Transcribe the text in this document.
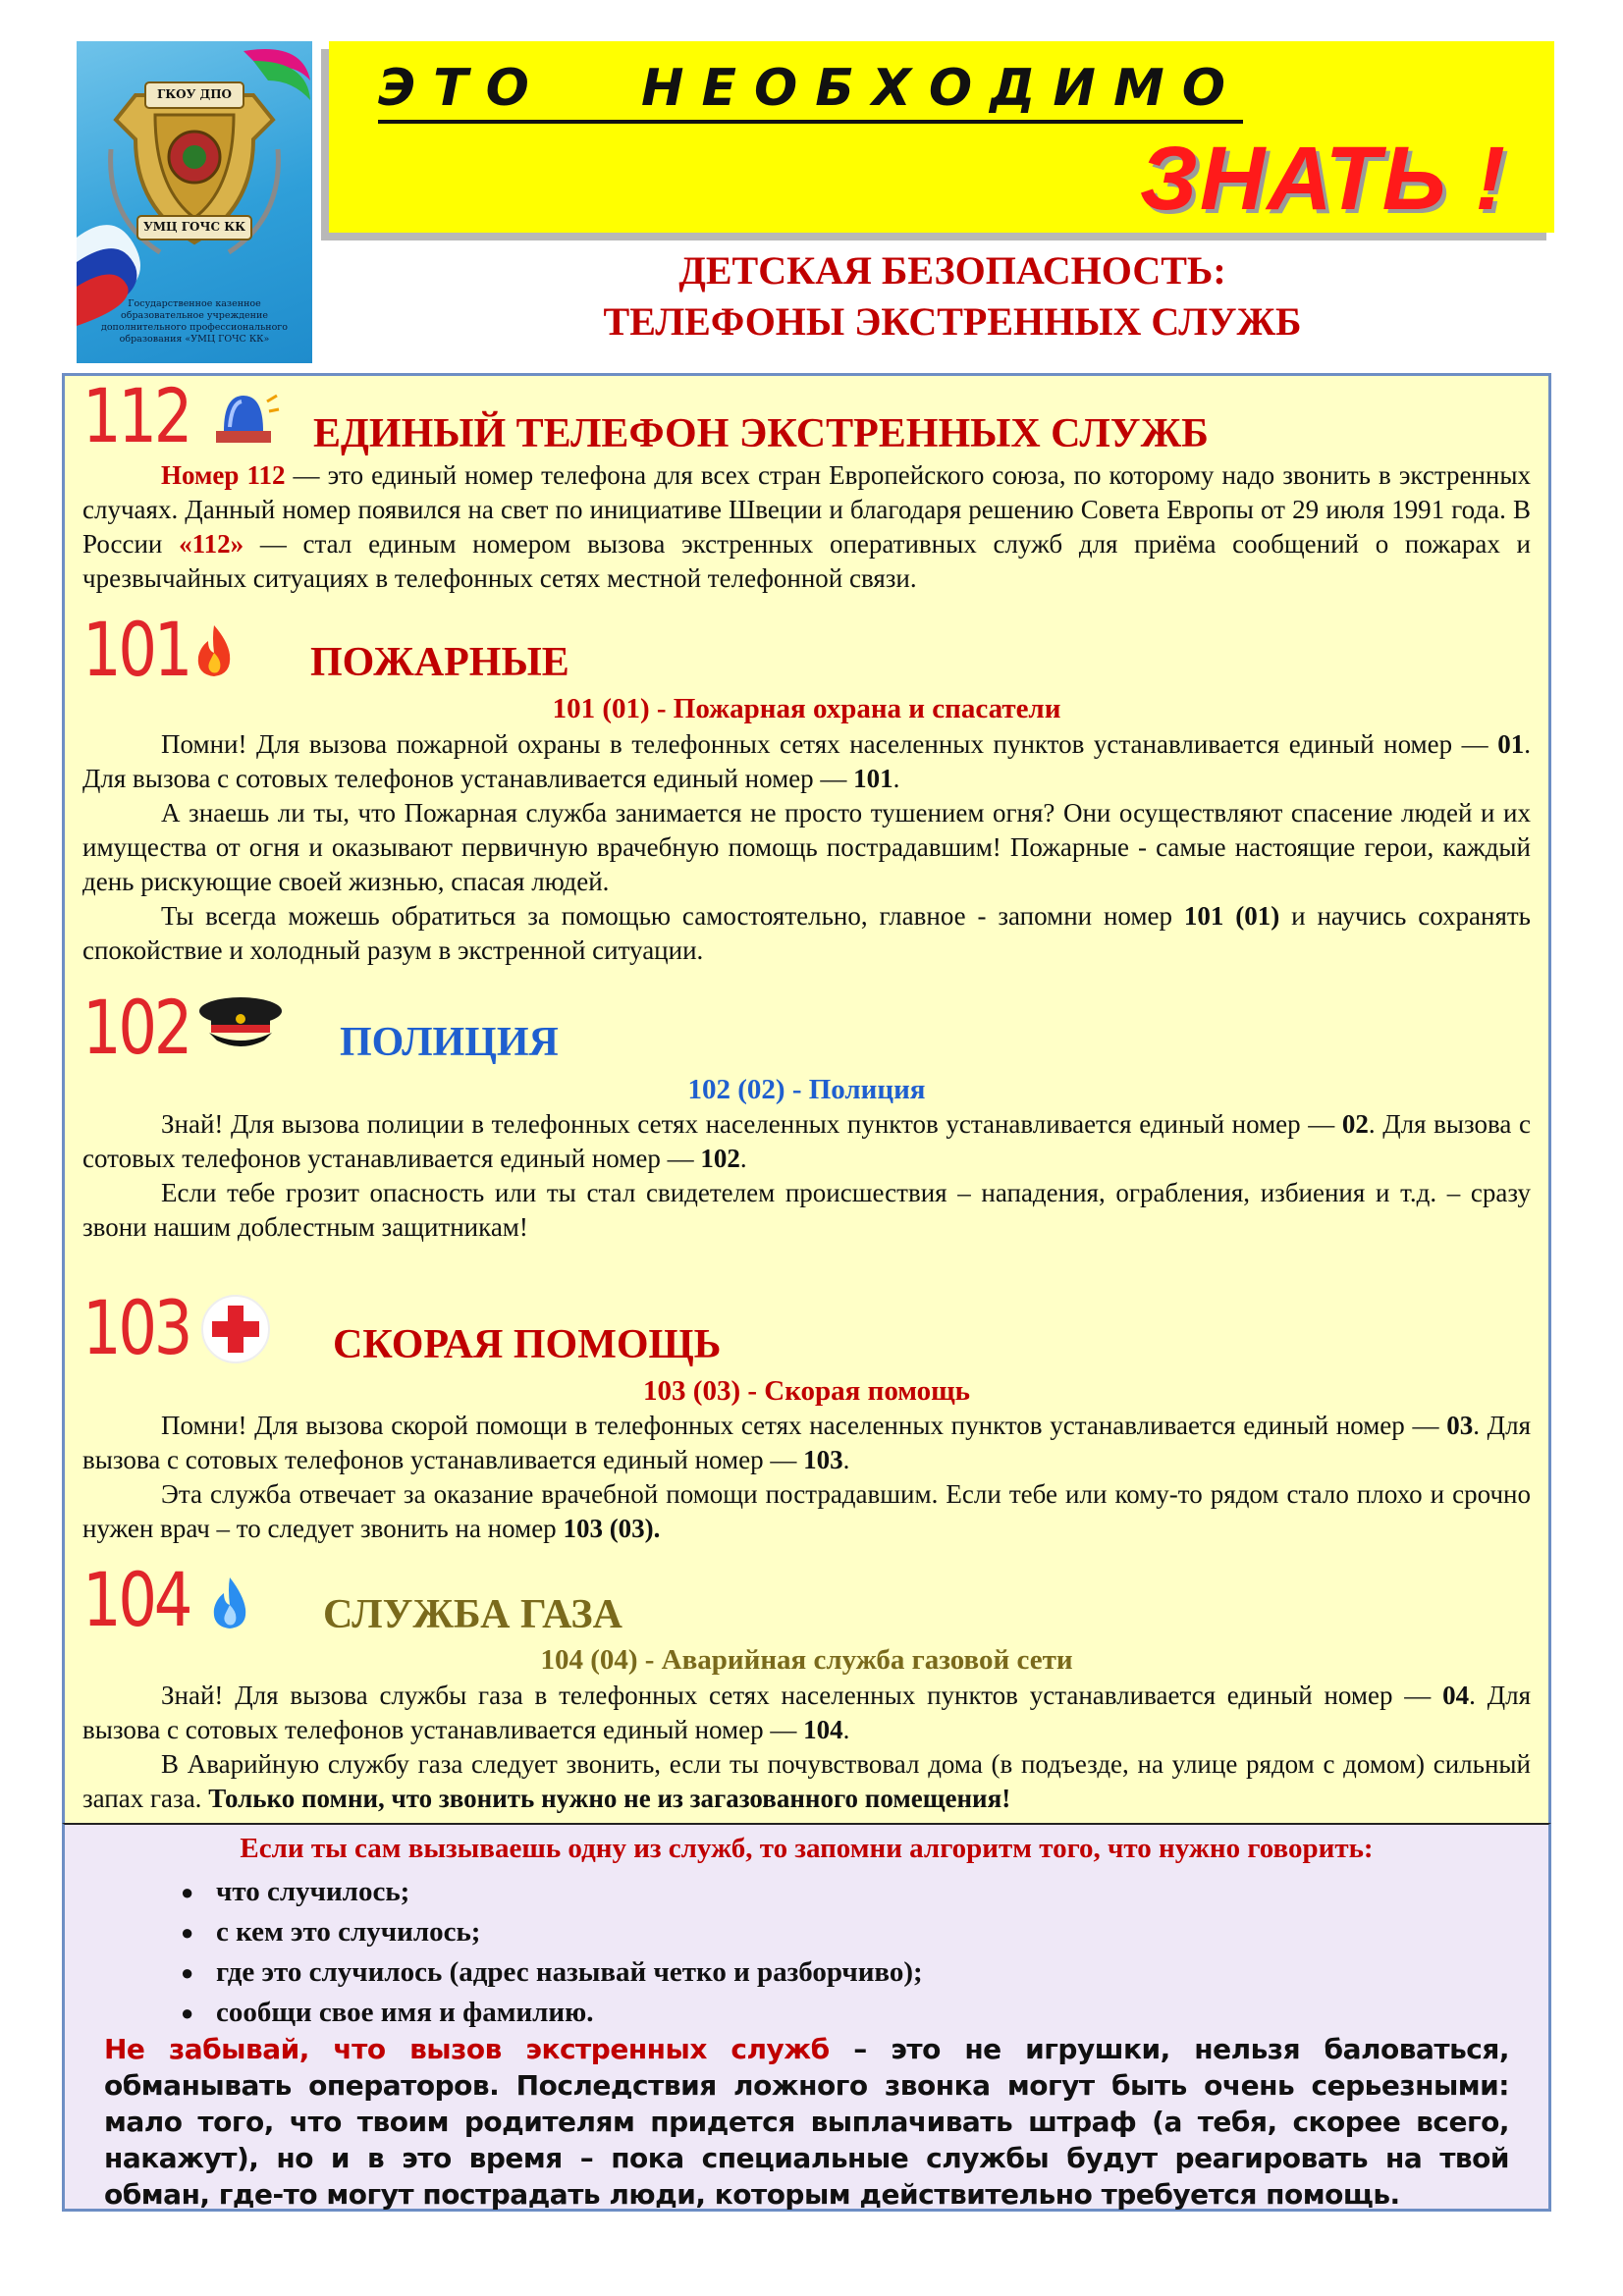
ГКОУ ДПО
УМЦ ГОЧС КК
Государственное казенное образовательное учреждение дополнительного профессионального образования «УМЦ ГОЧС КК»
ЭТО НЕОБХОДИМО
ЗНАТЬ !
ДЕТСКАЯ БЕЗОПАСНОСТЬ:
ТЕЛЕФОНЫ ЭКСТРЕННЫХ СЛУЖБ
112	ЕДИНЫЙ ТЕЛЕФОН ЭКСТРЕННЫХ СЛУЖБ
Номер 112 — это единый номер телефона для всех стран Европейского союза, по которому надо звонить в экстренных случаях. Данный номер появился на свет по инициативе Швеции и благодаря решению Совета Европы от 29 июля 1991 года. В России «112» — стал единым номером вызова экстренных оперативных служб для приёма сообщений о пожарах и чрезвычайных ситуациях в телефонных сетях местной телефонной связи.
101	ПОЖАРНЫЕ
101 (01) - Пожарная охрана и спасатели
Помни! Для вызова пожарной охраны в телефонных сетях населенных пунктов устанавливается единый номер — 01. Для вызова с сотовых телефонов устанавливается единый номер — 101.
А знаешь ли ты, что Пожарная служба занимается не просто тушением огня? Они осуществляют спасение людей и их имущества от огня и оказывают первичную врачебную помощь пострадавшим! Пожарные - самые настоящие герои, каждый день рискующие своей жизнью, спасая людей.
Ты всегда можешь обратиться за помощью самостоятельно, главное - запомни номер 101 (01) и научись сохранять спокойствие и холодный разум в экстренной ситуации.
102	ПОЛИЦИЯ
102 (02) - Полиция
Знай! Для вызова полиции в телефонных сетях населенных пунктов устанавливается единый номер — 02. Для вызова с сотовых телефонов устанавливается единый номер — 102.
Если тебе грозит опасность или ты стал свидетелем происшествия – нападения, ограбления, избиения и т.д. – сразу звони нашим доблестным защитникам!
103	СКОРАЯ ПОМОЩЬ
103 (03) - Скорая помощь
Помни! Для вызова скорой помощи в телефонных сетях населенных пунктов устанавливается единый номер — 03. Для вызова с сотовых телефонов устанавливается единый номер — 103.
Эта служба отвечает за оказание врачебной помощи пострадавшим. Если тебе или кому-то рядом стало плохо и срочно нужен врач – то следует звонить на номер 103 (03).
104	СЛУЖБА ГАЗА
104 (04) - Аварийная служба газовой сети
Знай! Для вызова службы газа в телефонных сетях населенных пунктов устанавливается единый номер — 04. Для вызова с сотовых телефонов устанавливается единый номер — 104.
В Аварийную службу газа следует звонить, если ты почувствовал дома (в подъезде, на улице рядом с домом) сильный запах газа. Только помни, что звонить нужно не из загазованного помещения!
Если ты сам вызываешь одну из служб, то запомни алгоритм того, что нужно говорить:
● что случилось;
● с кем это случилось;
● где это случилось (адрес называй четко и разборчиво);
● сообщи свое имя и фамилию.
Не забывай, что вызов экстренных служб – это не игрушки, нельзя баловаться, обманывать операторов. Последствия ложного звонка могут быть очень серьезными: мало того, что твоим родителям придется выплачивать штраф (а тебя, скорее всего, накажут), но и в это время – пока специальные службы будут реагировать на твой обман, где-то могут пострадать люди, которым действительно требуется помощь.
